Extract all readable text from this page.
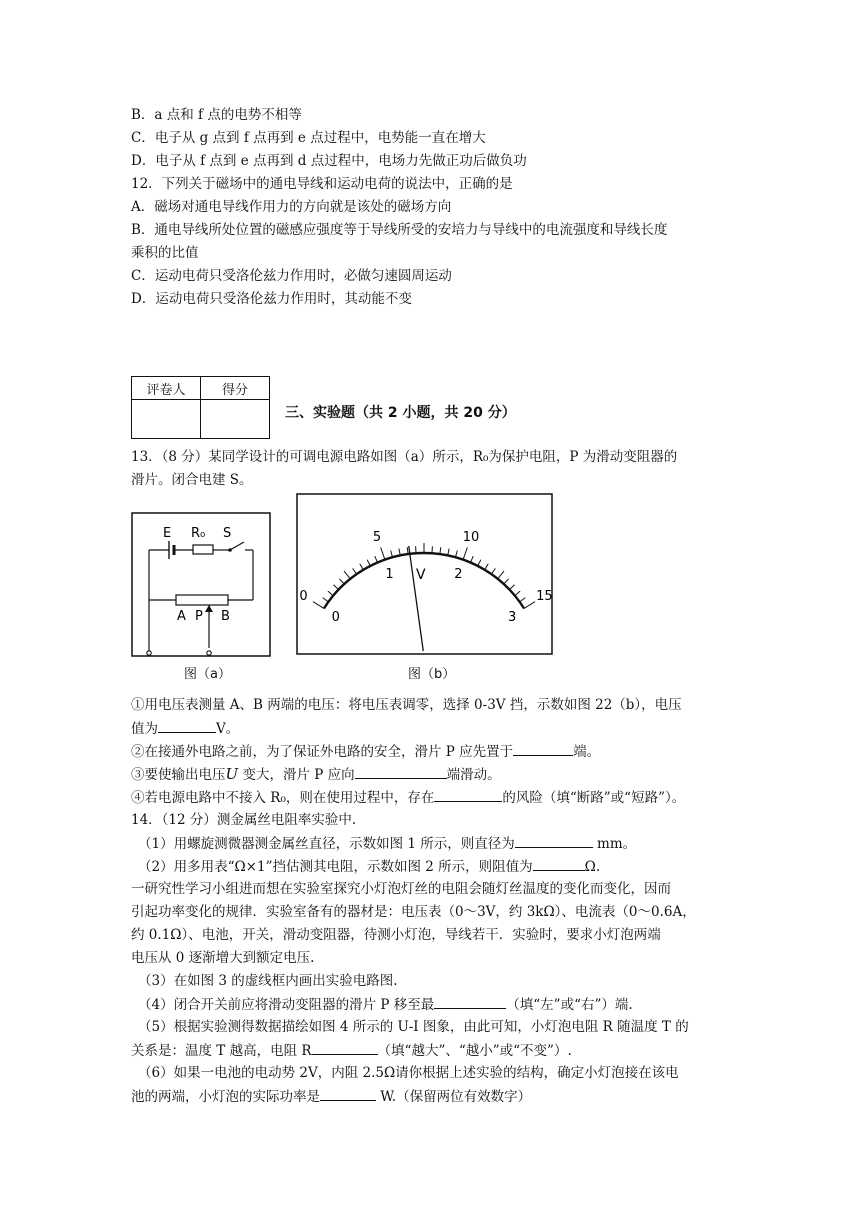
B．a 点和 f 点的电势不相等
C．电子从 g 点到 f 点再到 e 点过程中，电势能一直在增大
D．电子从 f 点到 e 点再到 d 点过程中，电场力先做正功后做负功
12．下列关于磁场中的通电导线和运动电荷的说法中，正确的是
A．磁场对通电导线作用力的方向就是该处的磁场方向
B．通电导线所处位置的磁感应强度等于导线所受的安培力与导线中的电流强度和导线长度
乘积的比值
C．运动电荷只受洛伦兹力作用时，必做匀速圆周运动
D．运动电荷只受洛伦兹力作用时，其动能不变
评卷人	得分

三、实验题（共 2 小题，共 20 分）
13．（8 分）某同学设计的可调电源电路如图（a）所示，R₀为保护电阻，P 为滑动变阻器的
滑片。闭合电建 S。
E R₀ S
A P B
图（a）
V
0
5	10
15
0
1	2
3
图（b）
①用电压表测量 A、B 两端的电压：将电压表调零，选择 0-3V 挡，示数如图 22（b），电压
值为	V。
②在接通外电路之前，为了保证外电路的安全，滑片 P 应先置于	端。
③要使输出电压U 变大，滑片 P 应向	端滑动。
④若电源电路中不接入 R₀，则在使用过程中，存在	的风险（填“断路”或“短路”）。
14．（12 分）测金属丝电阻率实验中.
（1）用螺旋测微器测金属丝直径，示数如图 1 所示，则直径为	mm。
（2）用多用表“Ω×1”挡估测其电阻，示数如图 2 所示，则阻值为	Ω.
一研究性学习小组进而想在实验室探究小灯泡灯丝的电阻会随灯丝温度的变化而变化，因而
引起功率变化的规律．实验室备有的器材是：电压表（0～3V，约 3kΩ）、电流表（0～0.6A，
约 0.1Ω）、电池，开关，滑动变阻器，待测小灯泡，导线若干．实验时，要求小灯泡两端
电压从 0 逐渐增大到额定电压.
（3）在如图 3 的虚线框内画出实验电路图.
（4）闭合开关前应将滑动变阻器的滑片 P 移至最	（填“左”或“右”）端.
（5）根据实验测得数据描绘如图 4 所示的 U-I 图象，由此可知，小灯泡电阻 R 随温度 T 的
关系是：温度 T 越高，电阻 R	（填“越大”、“越小”或“不变”）.
（6）如果一电池的电动势 2V，内阻 2.5Ω请你根据上述实验的结构，确定小灯泡接在该电
池的两端，小灯泡的实际功率是	W.（保留两位有效数字）
